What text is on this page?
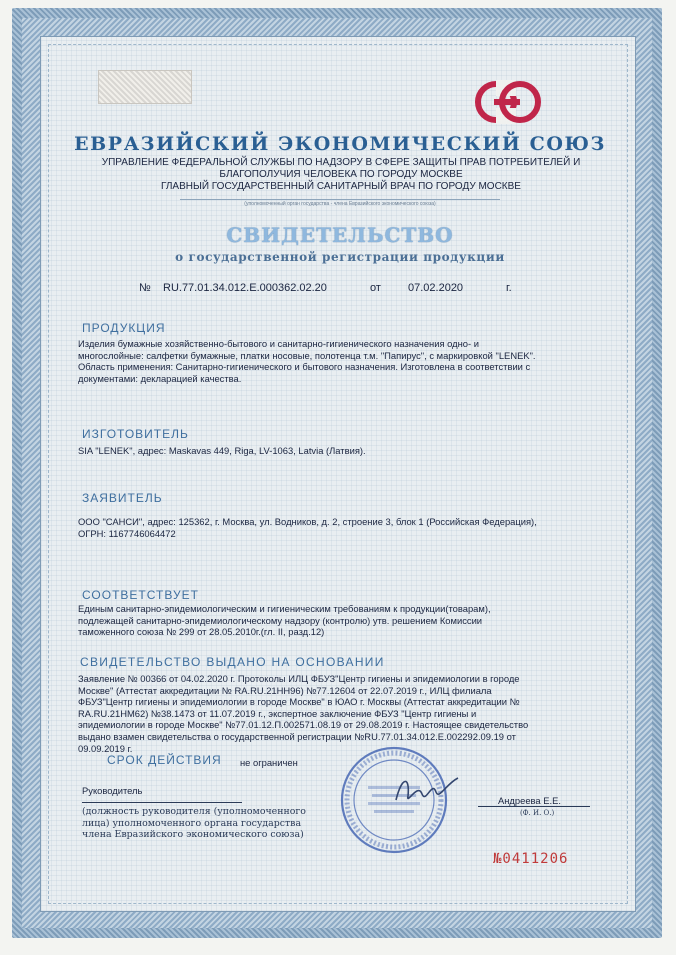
ЕВРАЗИЙСКИЙ ЭКОНОМИЧЕСКИЙ СОЮЗ
УПРАВЛЕНИЕ ФЕДЕРАЛЬНОЙ СЛУЖБЫ ПО НАДЗОРУ В СФЕРЕ ЗАЩИТЫ ПРАВ ПОТРЕБИТЕЛЕЙ И
БЛАГОПОЛУЧИЯ ЧЕЛОВЕКА ПО ГОРОДУ МОСКВЕ
ГЛАВНЫЙ ГОСУДАРСТВЕННЫЙ САНИТАРНЫЙ ВРАЧ ПО ГОРОДУ МОСКВЕ
(уполномоченный орган государства - члена Евразийского экономического союза)
СВИДЕТЕЛЬСТВО
о государственной регистрации продукции
№ RU.77.01.34.012.Е.000362.02.20	от 07.02.2020	г.
ПРОДУКЦИЯ
Изделия бумажные хозяйственно-бытового и санитарно-гигиенического назначения одно- и
многослойные: салфетки бумажные, платки носовые, полотенца т.м. "Папирус", с маркировкой "LENEK".
Область применения: Санитарно-гигиенического и бытового назначения. Изготовлена в соответствии с
документами: декларацией качества.
ИЗГОТОВИТЕЛЬ
SIA "LENEK", адрес: Maskavas 449, Riga, LV-1063, Latvia (Латвия).
ЗАЯВИТЕЛЬ
ООО "САНСИ", адрес: 125362, г. Москва, ул. Водников, д. 2, строение 3, блок 1 (Российская Федерация),
ОГРН: 1167746064472
СООТВЕТСТВУЕТ
Единым санитарно-эпидемиологическим и гигиеническим требованиям к продукции(товарам),
подлежащей санитарно-эпидемиологическому надзору (контролю) утв. решением Комиссии
таможенного союза № 299 от 28.05.2010г.(гл. II, разд.12)
СВИДЕТЕЛЬСТВО ВЫДАНО НА ОСНОВАНИИ
Заявление № 00366 от 04.02.2020 г. Протоколы ИЛЦ ФБУЗ"Центр гигиены и эпидемиологии в городе
Москве" (Аттестат аккредитации № RA.RU.21НН96) №77.12604 от 22.07.2019 г., ИЛЦ филиала
ФБУЗ"Центр гигиены и эпидемиологии в городе Москве" в ЮАО г. Москвы (Аттестат аккредитации №
RA.RU.21НМ62) №38.1473 от 11.07.2019 г., экспертное заключение ФБУЗ "Центр гигиены и
эпидемиологии в городе Москве" №77.01.12.П.002571.08.19 от 29.08.2019 г. Настоящее свидетельство
выдано взамен свидетельства о государственной регистрации №RU.77.01.34.012.Е.002292.09.19 от
09.09.2019 г.
СРОК ДЕЙСТВИЯ не ограничен
Руководитель
Андреева Е.Е.
(Ф. И. О.)
(должность руководителя (уполномоченного
лица) уполномоченного органа государства
члена Евразийского экономического союза)
№0411206
